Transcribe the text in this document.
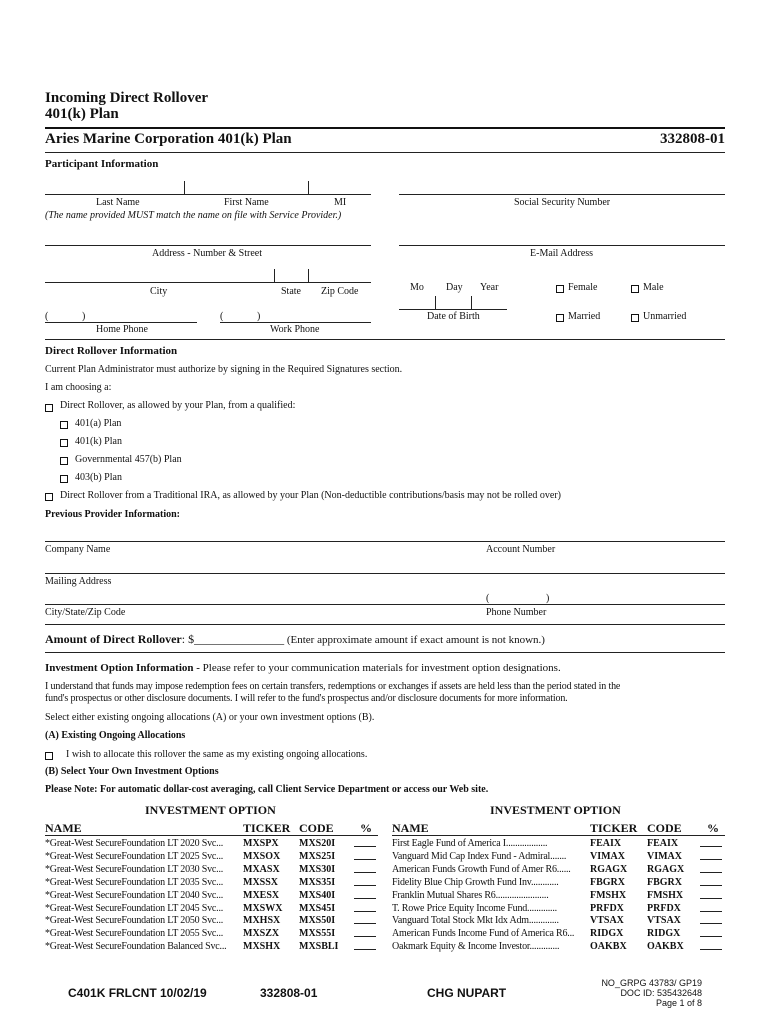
Incoming Direct Rollover
401(k) Plan
Aries Marine Corporation 401(k) Plan	332808-01
Participant Information
Last Name	First Name	MI
(The name provided MUST match the name on file with Service Provider.)
Social Security Number
Address - Number & Street	E-Mail Address
City	State Zip Code	Mo Day Year
Date of Birth
Female	Male
Married	Unmarried
(	)
Home Phone
(	)
Work Phone
Direct Rollover Information
Current Plan Administrator must authorize by signing in the Required Signatures section.
I am choosing a:
Direct Rollover, as allowed by your Plan, from a qualified:
401(a) Plan
401(k) Plan
Governmental 457(b) Plan
403(b) Plan
Direct Rollover from a Traditional IRA, as allowed by your Plan (Non-deductible contributions/basis may not be rolled over)
Previous Provider Information:
Company Name	Account Number
Mailing Address
(	)
City/State/Zip Code	Phone Number
Amount of Direct Rollover: $_______________ (Enter approximate amount if exact amount is not known.)
Investment Option Information - Please refer to your communication materials for investment option designations.
I understand that funds may impose redemption fees on certain transfers, redemptions or exchanges if assets are held less than the period stated in the
fund's prospectus or other disclosure documents. I will refer to the fund's prospectus and/or disclosure documents for more information.
Select either existing ongoing allocations (A) or your own investment options (B).
(A) Existing Ongoing Allocations
I wish to allocate this rollover the same as my existing ongoing allocations.
(B) Select Your Own Investment Options
Please Note: For automatic dollar-cost averaging, call Client Service Department or access our Web site.
INVESTMENT OPTION	INVESTMENT OPTION
NAME	TICKER CODE % NAME	TICKER CODE %
*Great-West SecureFoundation LT 2020 Svc...	MXSPX MXS20I
*Great-West SecureFoundation LT 2025 Svc...	MXSOX MXS25I
*Great-West SecureFoundation LT 2030 Svc...	MXASX MXS30I
*Great-West SecureFoundation LT 2035 Svc...	MXSSX MXS35I
*Great-West SecureFoundation LT 2040 Svc...	MXESX MXS40I
*Great-West SecureFoundation LT 2045 Svc...	MXSWX MXS45I
*Great-West SecureFoundation LT 2050 Svc...	MXHSX MXS50I
*Great-West SecureFoundation LT 2055 Svc...	MXSZX MXS55I
*Great-West SecureFoundation Balanced Svc...	MXSHX MXSBLI
First Eagle Fund of America I..................	FEAIX	FEAIX
Vanguard Mid Cap Index Fund - Admiral.......	VIMAX VIMAX
American Funds Growth Fund of Amer R6......	RGAGX RGAGX
Fidelity Blue Chip Growth Fund Inv............	FBGRX FBGRX
Franklin Mutual Shares R6.......................	FMSHX FMSHX
T. Rowe Price Equity Income Fund.............	PRFDX PRFDX
Vanguard Total Stock Mkt Idx Adm.............	VTSAX VTSAX
American Funds Income Fund of America R6...	RIDGX RIDGX
Oakmark Equity & Income Investor.............	OAKBX OAKBX
C401K FRLCNT 10/02/19	332808-01	CHG NUPART
NO_GRPG 43783/ GP19
DOC ID: 535432648
Page 1 of 8
